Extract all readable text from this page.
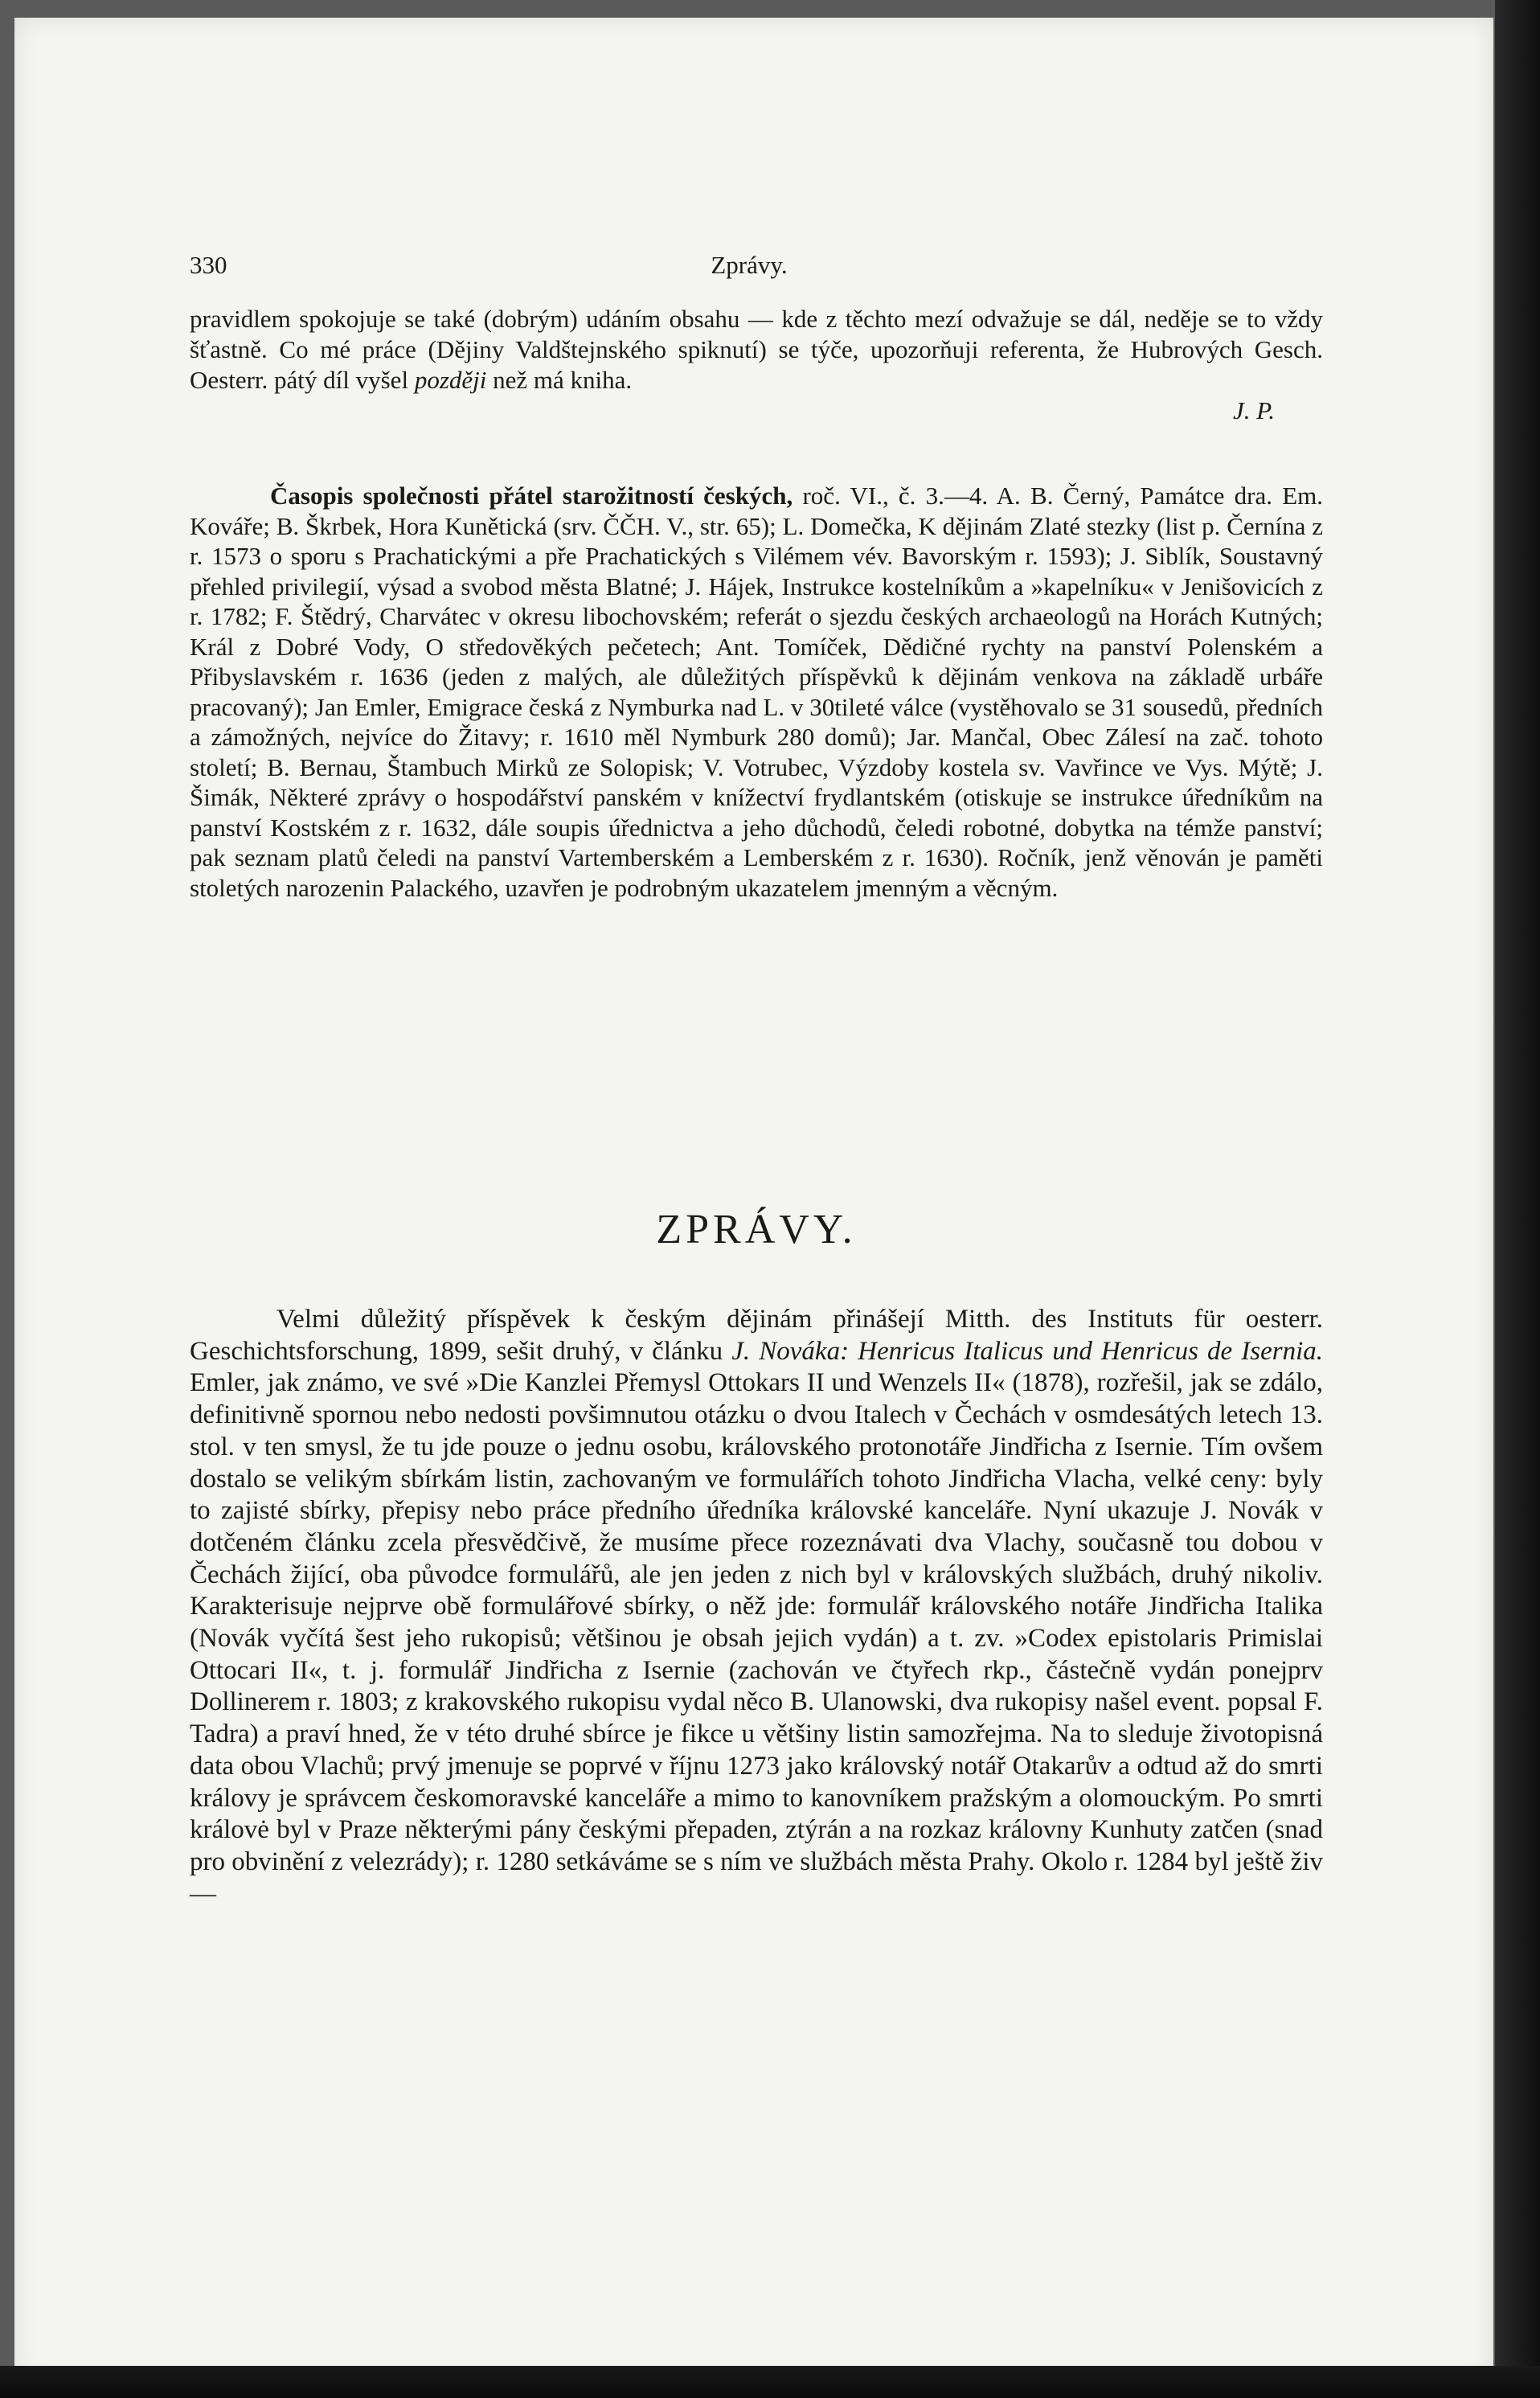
330	Zprávy.

pravidlem spokojuje se také (dobrým) udáním obsahu — kde z těchto mezí odvažuje se dál, neděje se to vždy šťastně. Co mé práce (Dějiny Valdštejnského spiknutí) se týče, upozorňuji referenta, že Hubrových Gesch. Oesterr. pátý díl vyšel později než má kniha.

J. P.

Časopis společnosti přátel starožitností českých, roč. VI., č. 3.—4. A. B. Černý, Památce dra. Em. Kováře; B. Škrbek, Hora Kunětická (srv. ČČH. V., str. 65); L. Domečka, K dějinám Zlaté stezky (list p. Černína z r. 1573 o sporu s Prachatickými a pře Prachatických s Vilémem vév. Bavorským r. 1593); J. Siblík, Soustavný přehled privilegií, výsad a svobod města Blatné; J. Hájek, Instrukce kostelníkům a »kapelníku« v Jenišovicích z r. 1782; F. Štědrý, Charvátec v okresu libochovském; referát o sjezdu českých archaeologů na Horách Kutných; Král z Dobré Vody, O středověkých pečetech; Ant. Tomíček, Dědičné rychty na panství Polenském a Přibyslavském r. 1636 (jeden z malých, ale důležitých příspěvků k dějinám venkova na základě urbáře pracovaný); Jan Emler, Emigrace česká z Nymburka nad L. v 30tileté válce (vystěhovalo se 31 sousedů, předních a zámožných, nejvíce do Žitavy; r. 1610 měl Nymburk 280 domů); Jar. Mančal, Obec Zálesí na zač. tohoto století; B. Bernau, Štambuch Mirků ze Solopisk; V. Votrubec, Výzdoby kostela sv. Vavřince ve Vys. Mýtě; J. Šimák, Některé zprávy o hospodářství panském v knížectví frydlantském (otiskuje se instrukce úředníkům na panství Kostském z r. 1632, dále soupis úřednictva a jeho důchodů, čeledi robotné, dobytka na témže panství; pak seznam platů čeledi na panství Vartemberském a Lemberském z r. 1630). Ročník, jenž věnován je paměti stoletých narozenin Palackého, uzavřen je podrobným ukazatelem jmenným a věcným.

ZPRÁVY.

Velmi důležitý příspěvek k českým dějinám přinášejí Mitth. des Instituts für oesterr. Geschichtsforschung, 1899, sešit druhý, v článku J. Nováka: Henricus Italicus und Henricus de Isernia. Emler, jak známo, ve své »Die Kanzlei Přemysl Ottokars II und Wenzels II« (1878), rozřešil, jak se zdálo, definitivně spornou nebo nedosti povšimnutou otázku o dvou Italech v Čechách v osmdesátých letech 13. stol. v ten smysl, že tu jde pouze o jednu osobu, královského protonotáře Jindřicha z Isernie. Tím ovšem dostalo se velikým sbírkám listin, zachovaným ve formulářích tohoto Jindřicha Vlacha, velké ceny: byly to zajisté sbírky, přepisy nebo práce předního úředníka královské kanceláře. Nyní ukazuje J. Novák v dotčeném článku zcela přesvědčivě, že musíme přece rozeznávati dva Vlachy, současně tou dobou v Čechách žijící, oba původce formulářů, ale jen jeden z nich byl v královských službách, druhý nikoliv. Karakterisuje nejprve obě formulářové sbírky, o něž jde: formulář královského notáře Jindřicha Italika (Novák vyčítá šest jeho rukopisů; většinou je obsah jejich vydán) a t. zv. »Codex epistolaris Primislai Ottocari II«, t. j. formulář Jindřicha z Isernie (zachován ve čtyřech rkp., částečně vydán ponejprv Dollinerem r. 1803; z krakovského rukopisu vydal něco B. Ulanowski, dva rukopisy našel event. popsal F. Tadra) a praví hned, že v této druhé sbírce je fikce u většiny listin samozřejma. Na to sleduje životopisná data obou Vlachů; prvý jmenuje se poprvé v říjnu 1273 jako královský notář Otakarův a odtud až do smrti královy je správcem českomoravské kanceláře a mimo to kanovníkem pražským a olomouckým. Po smrti královė byl v Praze některými pány českými přepaden, ztýrán a na rozkaz královny Kunhuty zatčen (snad pro obvinění z velezrády); r. 1280 setkáváme se s ním ve službách města Prahy. Okolo r. 1284 byl ještě živ —
